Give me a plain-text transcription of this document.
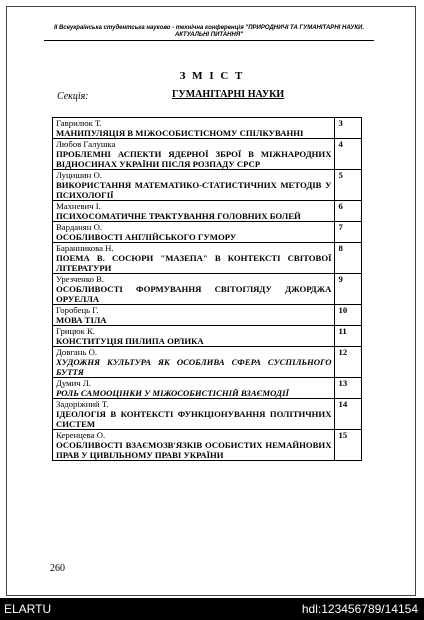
ІІ Всеукраїнська студентська науково - технічна конференція "ПРИРОДНИЧІ ТА ГУМАНІТАРНІ НАУКИ. АКТУАЛЬНІ ПИТАННЯ"
З М І С Т
Секція:	ГУМАНІТАРНІ НАУКИ
Гаврилюк Т.
МАНИПУЛЯЦІЯ В МІЖОСОБИСТІСНОМУ СПІЛКУВАННІ	3

Любов Галушка
ПРОБЛЕМНІ АСПЕКТИ ЯДЕРНОЇ ЗБРОЇ В МІЖНАРОДНИХ ВІДНОСИНАХ УКРАЇНИ ПІСЛЯ РОЗПАДУ СРСР	4

Луцишин О.
ВИКОРИСТАННЯ МАТЕМАТИКО-СТАТИСТИЧНИХ МЕТОДІВ У ПСИХОЛОГІЇ	5

Махневич І.
ПСИХОСОМАТИЧНЕ ТРАКТУВАННЯ ГОЛОВНИХ БОЛЕЙ	6

Вардaнян О.
ОСОБЛИВОСТІ АНГЛІЙСЬКОГО ГУМОРУ	7

Баранникова Н.
ПОЕМА В. СОСЮРИ "МАЗЕПА" В КОНТЕКСТІ СВІТОВОЇ ЛІТЕРАТУРИ	8

Урезченко В.
ОСОБЛИВОСТІ ФОРМУВАННЯ СВІТОГЛЯДУ ДЖОРДЖА ОРУЕЛЛА	9

Горобець Г.
МОВА ТІЛА	10

Грицюк К.
КОНСТИТУЦІЯ ПИЛИПА ОРЛИКА	11

Довгань О.
ХУДОЖНЯ КУЛЬТУРА ЯК ОСОБЛИВА СФЕРА СУСПІЛЬНОГО БУТТЯ	12

Думич Л.
РОЛЬ САМООЦІНКИ У МІЖОСОБИСТІСНІЙ ВЗАЄМОДІЇ	13

Задоріжний Т.
ІДЕОЛОГІЯ В КОНТЕКСТІ ФУНКЦІОНУВАННЯ ПОЛІТИЧНИХ СИСТЕМ	14

Керенцева О.
ОСОБЛИВОСТІ ВЗАЄМОЗВ'ЯЗКІВ ОСОБИСТИХ НЕМАЙНОВИХ ПРАВ У ЦИВІЛЬНОМУ ПРАВІ УКРАЇНИ	15
260
ELARTU	hdl:123456789/14154
